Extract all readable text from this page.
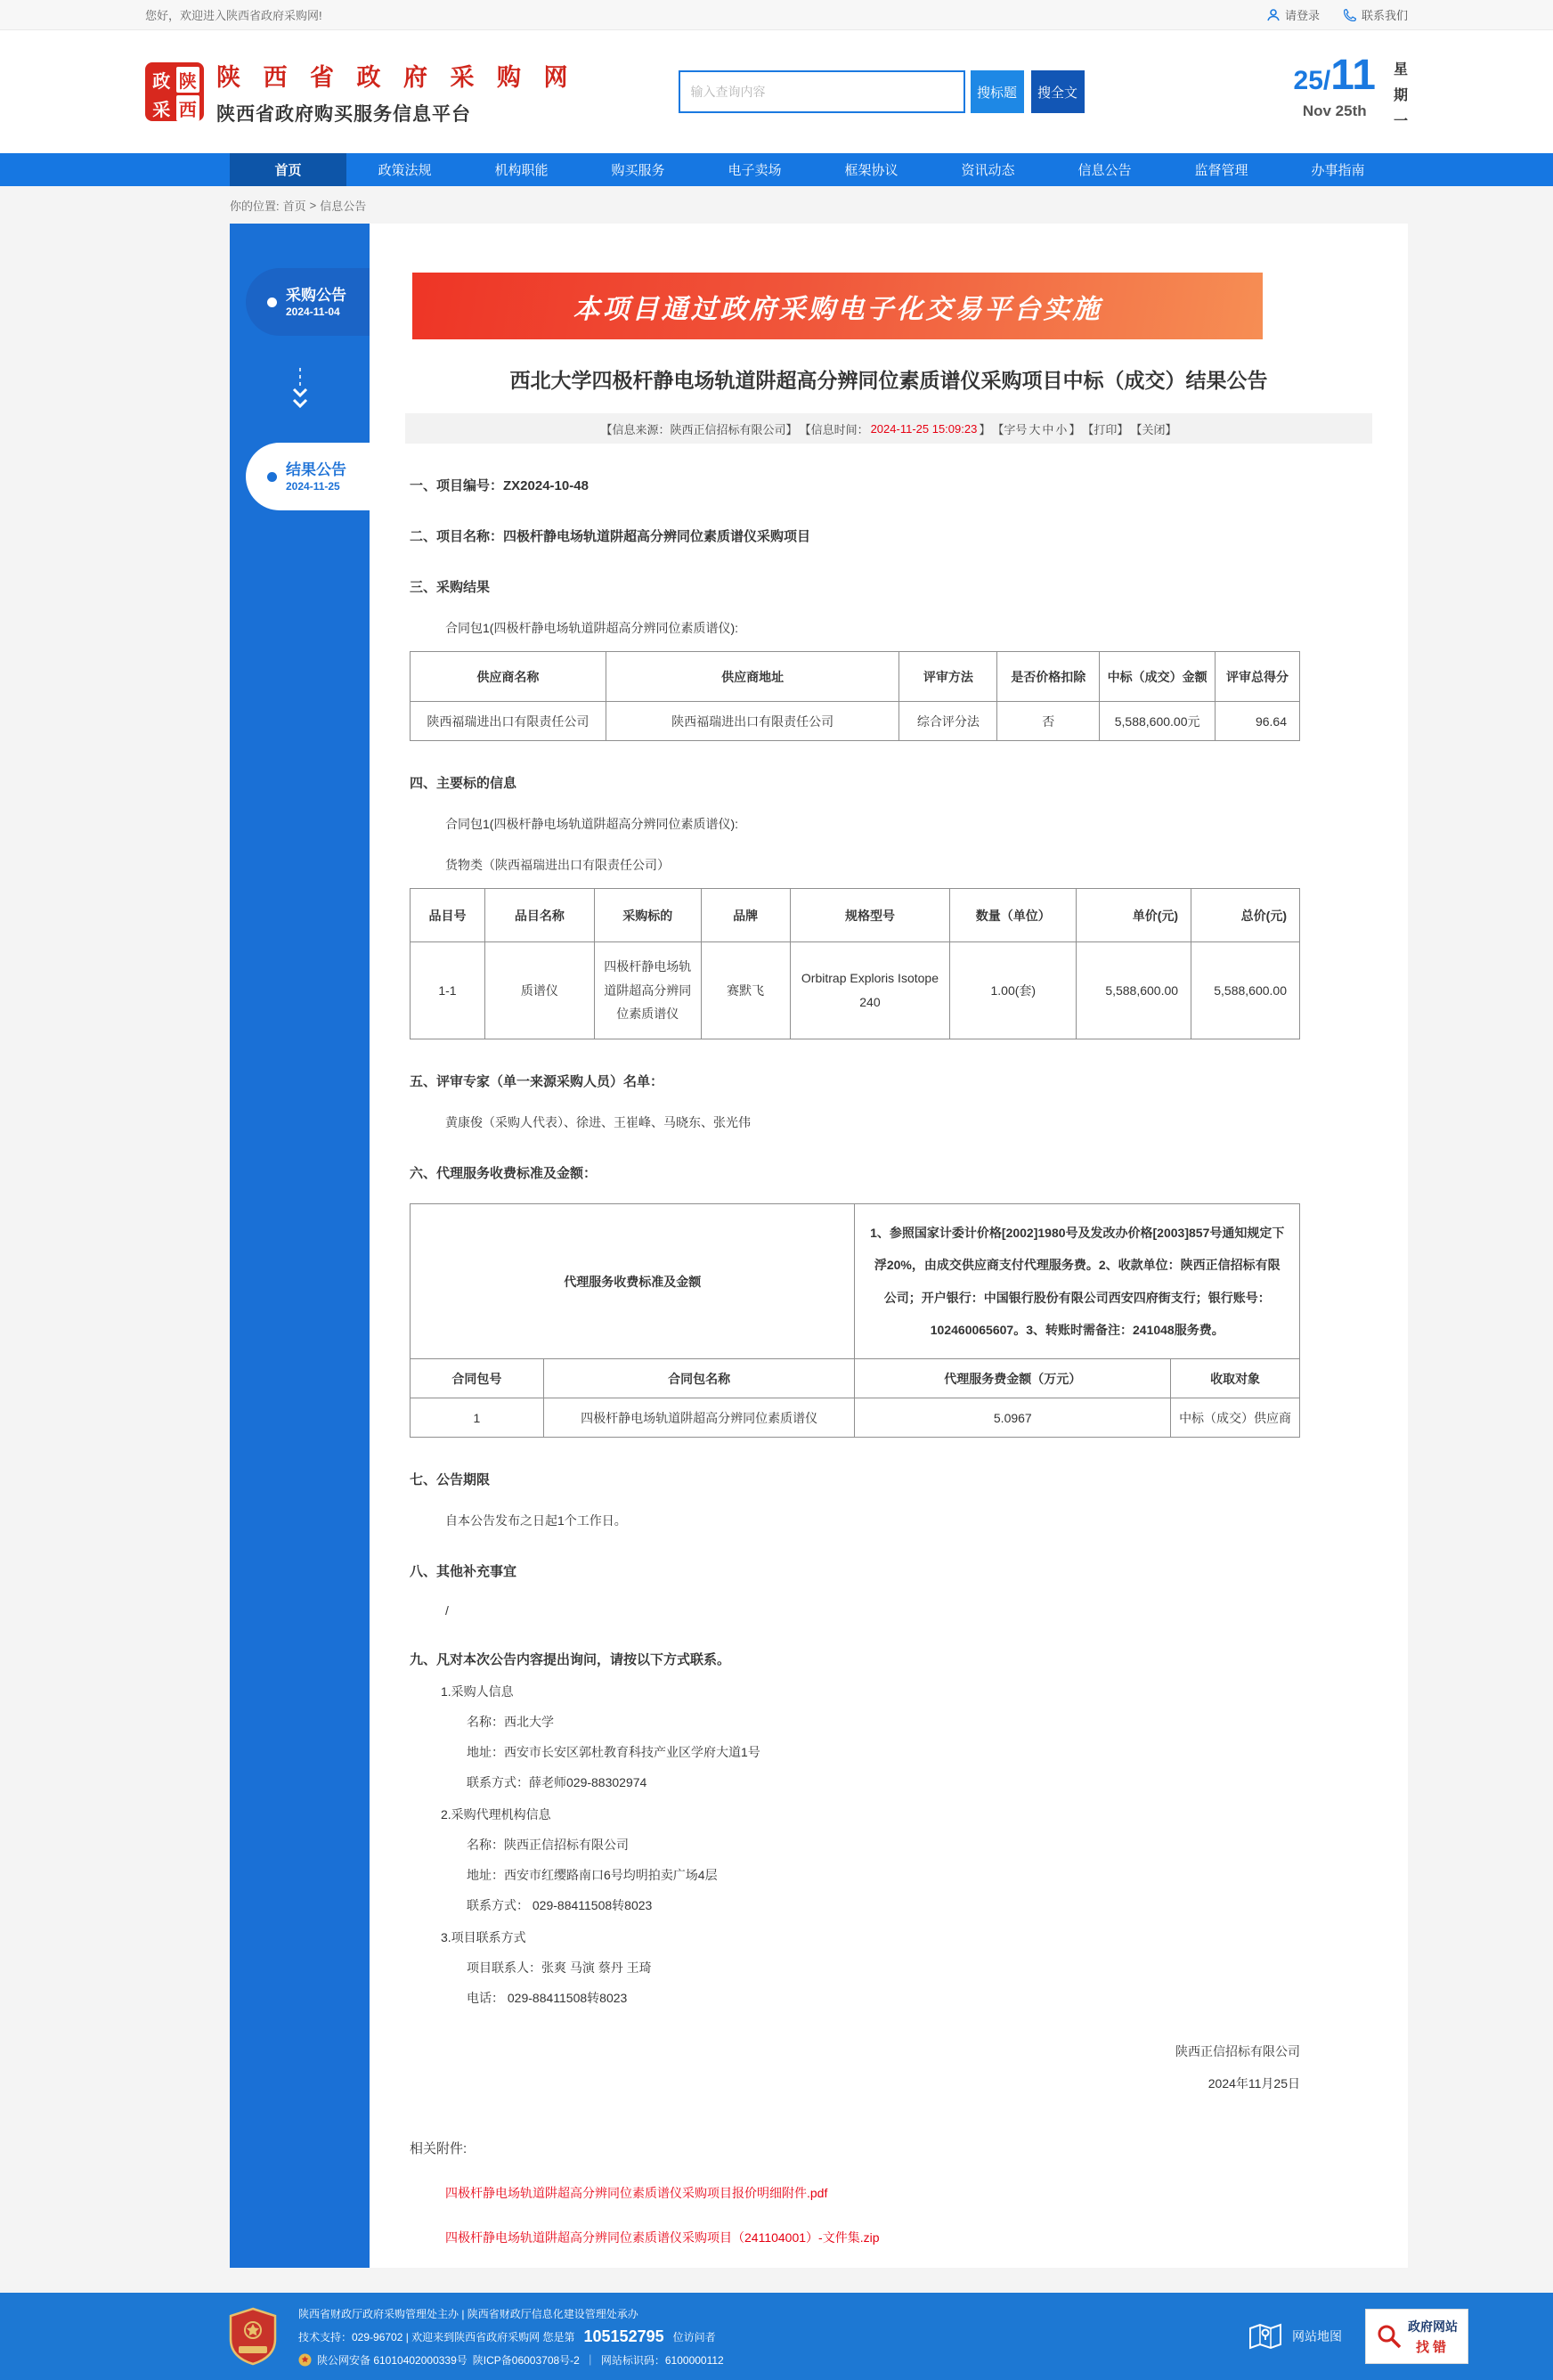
您好，欢迎进入陕西省政府采购网!	请登录	联系我们
政 陕
采 西
陕 西 省 政 府 采 购 网
陕西省政府购买服务信息平台
输入查询内容
搜标题	搜全文	25/11
Nov 25th
星
期
一
首页	政策法规	机构职能	购买服务	电子卖场	框架协议	资讯动态	信息公告	监督管理	办事指南
你的位置: 首页 > 信息公告
采购公告
2024-11-04
结果公告
2024-11-25
本项目通过政府采购电子化交易平台实施
西北大学四极杆静电场轨道阱超高分辨同位素质谱仪采购项目中标（成交）结果公告
【信息来源：陕西正信招标有限公司】 【信息时间： 2024-11-25 15:09:23 】 【字号 大 中 小 】 【打印】 【关闭】
一、项目编号：ZX2024-10-48
二、项目名称：四极杆静电场轨道阱超高分辨同位素质谱仪采购项目
三、采购结果
合同包1(四极杆静电场轨道阱超高分辨同位素质谱仪):
供应商名称	供应商地址	评审方法	是否价格扣除	中标（成交）金额	评审总得分
陕西福瑞进出口有限责任公司	陕西福瑞进出口有限责任公司	综合评分法	否	5,588,600.00元	96.64
四、主要标的信息
合同包1(四极杆静电场轨道阱超高分辨同位素质谱仪):
货物类（陕西福瑞进出口有限责任公司）
品目号	品目名称	采购标的	品牌	规格型号	数量（单位）	单价(元)	总价(元)
1-1	质谱仪	四极杆静电场轨道阱超高分辨同位素质谱仪	赛默飞	Orbitrap Exploris Isotope 240	1.00(套)	5,588,600.00	5,588,600.00
五、评审专家（单一来源采购人员）名单：
黄康俊（采购人代表）、徐进、王崔峰、马晓东、张光伟
六、代理服务收费标准及金额：
代理服务收费标准及金额		1、参照国家计委计价格[2002]1980号及发改办价格[2003]857号通知规定下浮20%，由成交供应商支付代理服务费。2、收款单位：陕西正信招标有限公司；开户银行：中国银行股份有限公司西安四府街支行；银行账号：102460065607。3、转账时需备注：241048服务费。	
合同包号	合同包名称	代理服务费金额（万元）	收取对象
1	四极杆静电场轨道阱超高分辨同位素质谱仪	5.0967	中标（成交）供应商
七、公告期限
自本公告发布之日起1个工作日。
八、其他补充事宜
/
九、凡对本次公告内容提出询问，请按以下方式联系。
1.采购人信息
名称：西北大学
地址：西安市长安区郭杜教育科技产业区学府大道1号
联系方式：薛老师029-88302974
2.采购代理机构信息
名称：陕西正信招标有限公司
地址：西安市红缨路南口6号均明拍卖广场4层
联系方式： 029-88411508转8023
3.项目联系方式
项目联系人：张爽 马演 蔡丹 王琦
电话： 029-88411508转8023
陕西正信招标有限公司
2024年11月25日
相关附件:
四极杆静电场轨道阱超高分辨同位素质谱仪采购项目报价明细附件.pdf
四极杆静电场轨道阱超高分辨同位素质谱仪采购项目（241104001）-文件集.zip
陕西省财政厅政府采购管理处主办 | 陕西省财政厅信息化建设管理处承办
技术支持：029-96702 | 欢迎来到陕西省政府采购网 您是第 105152795 位访问者
陕公网安备 61010402000339号 陕ICP备06003708号-2 ｜ 网站标识码：6100000112
网站地图
政府网站
找错
